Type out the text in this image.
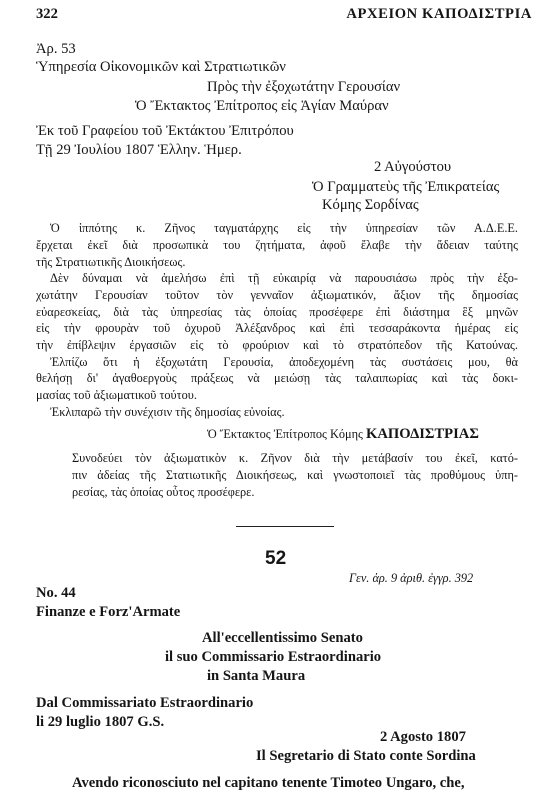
322	ΑΡΧΕΙΟΝ ΚΑΠΟΔΙΣΤΡΙΑ
Ἀρ. 53
Ὑπηρεσία Οἰκονομικῶν καὶ Στρατιωτικῶν
Πρὸς τὴν ἐξοχωτάτην Γερουσίαν
Ὁ Ἔκτακτος Ἐπίτροπος εἰς Ἁγίαν Μαύραν
Ἐκ τοῦ Γραφείου τοῦ Ἐκτάκτου Ἐπιτρόπου
Τῇ 29 Ἰουλίου 1807 Ἑλλην. Ἡμερ.
2 Αὐγούστου
Ὁ Γραμματεὺς τῆς Ἐπικρατείας
Κόμης Σορδίνας
Ὁ ἱππότης κ. Ζῆνος ταγματάρχης εἰς τὴν ὑπηρεσίαν τῶν Α.Δ.Ε.Ε.
ἔρχεται ἐκεῖ διὰ προσωπικὰ του ζητήματα, ἀφοῦ ἔλαβε τὴν ἄδειαν ταύτης
τῆς Στρατιωτικῆς Διοικήσεως.
Δὲν δύναμαι νὰ ἀμελήσω ἐπὶ τῇ εὐκαιρίᾳ νὰ παρουσιάσω πρὸς τὴν ἐξο-
χωτάτην Γερουσίαν τοῦτον τὸν γενναῖον ἀξιωματικόν, ἄξιον τῆς δημοσίας
εὐαρεσκείας, διὰ τὰς ὑπηρεσίας τὰς ὁποίας προσέφερε ἐπὶ διάστημα ἓξ μηνῶν
εἰς τὴν φρουρὰν τοῦ ὀχυροῦ Ἀλέξανδρος καὶ ἐπὶ τεσσαράκοντα ἡμέρας εἰς
τὴν ἐπίβλεψιν ἐργασιῶν εἰς τὸ φρούριον καὶ τὸ στρατόπεδον τῆς Κατούνας.
Ἐλπίζω ὅτι ἡ ἐξοχωτάτη Γερουσία, ἀποδεχομένη τὰς συστάσεις μου, θὰ
θελήσῃ δι' ἀγαθοεργοὺς πράξεως νὰ μειώσῃ τὰς ταλαιπωρίας καὶ τὰς δοκι-
μασίας τοῦ ἀξιωματικοῦ τούτου.
Ἐκλιπαρῶ τὴν συνέχισιν τῆς δημοσίας εὐνοίας.
Ὁ Ἔκτακτος Ἐπίτροπος Κόμης ΚΑΠΟΔΙΣΤΡΙΑΣ
Συνοδεύει τὸν ἀξιωματικὸν κ. Ζῆνον διὰ τὴν μετάβασίν του ἐκεῖ, κατό-
πιν ἀδείας τῆς Στατιωτικῆς Διοικήσεως, καὶ γνωστοποιεῖ τὰς προθύμους ὑπη-
ρεσίας, τὰς ὁποίας οὗτος προσέφερε.
52
Γεν. ἀρ. 9 ἀριθ. ἐγγρ. 392
No. 44
Finanze e Forz'Armate
All'eccellentissimo Senato
il suo Commissario Estraordinario
in Santa Maura
Dal Commissariato Estraordinario
li 29 luglio 1807 G.S.
2 Agosto 1807
Il Segretario di Stato conte Sordina
Avendo riconosciuto nel capitano tenente Timoteo Ungaro, che,
